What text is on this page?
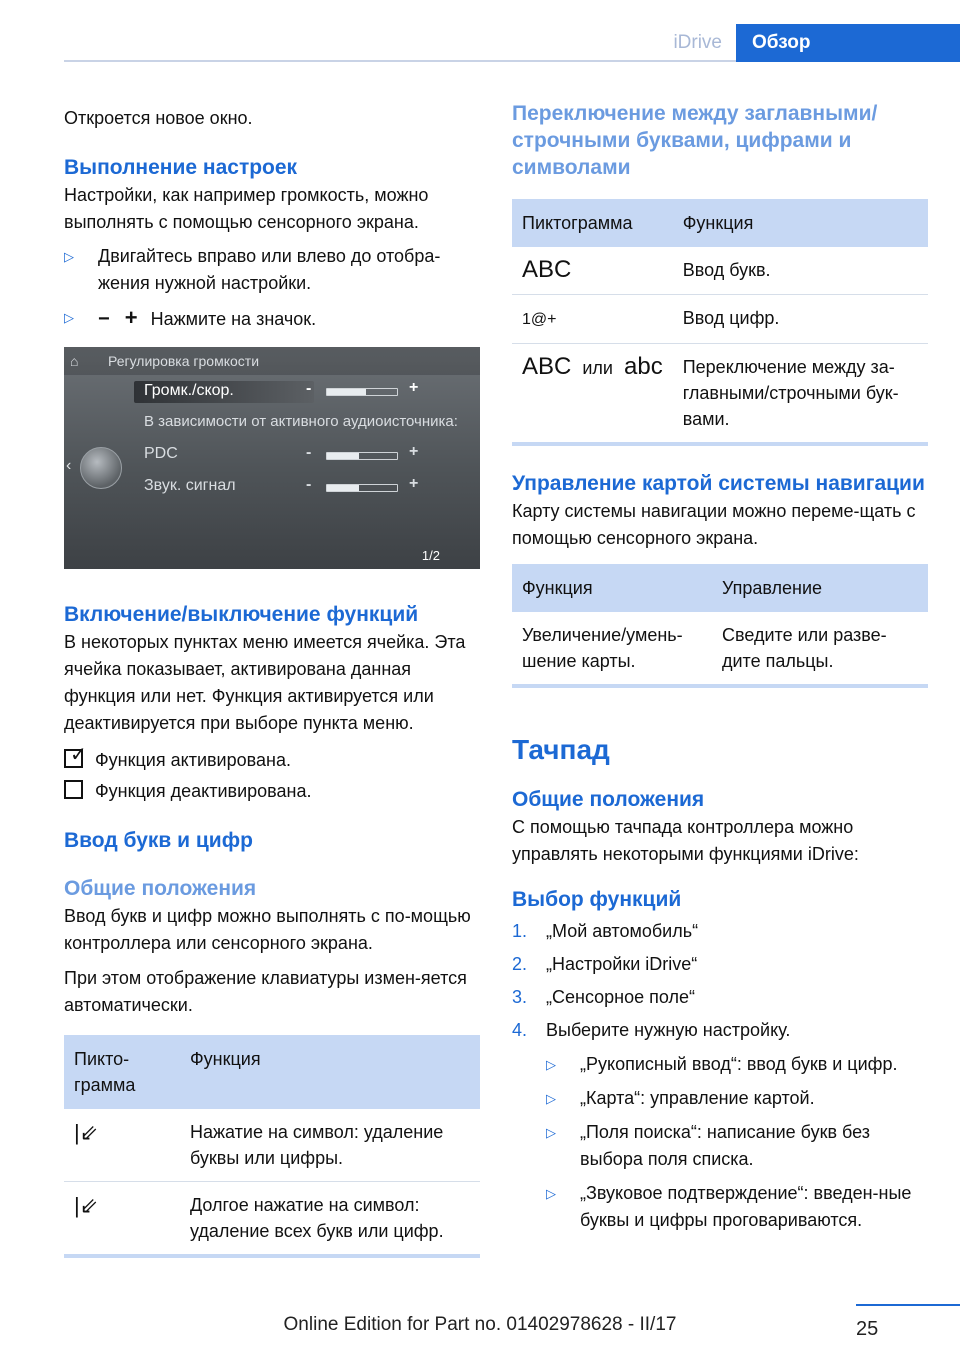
iDrive	Обзор

Откроется новое окно.

Выполнение настроек

Настройки, как например громкость, можно выполнять с помощью сенсорного экрана.

▷	Двигайтесь вправо или влево до отобра-жения нужной настройки.
▷	− + Нажмите на значок.
⌂ Регулировка громкости
‹
Громк./скор.	-	+
В зависимости от активного аудиоисточника:
PDC	-	+
Звук. сигнал	-	+
1/2
Включение/выключение функций

В некоторых пунктах меню имеется ячейка. Эта ячейка показывает, активирована данная функция или нет. Функция активируется или деактивируется при выборе пункта меню.

✓ Функция активирована.

Функция деактивирована.

Ввод букв и цифр
Общие положения

Ввод букв и цифр можно выполнять с по-мощью контроллера или сенсорного экрана.

При этом отображение клавиатуры измен-яется автоматически.

Пикто-грамма	Функция
|⇙	Нажатие на символ: удаление буквы или цифры.
|⇙	Долгое нажатие на символ: удаление всех букв или цифр.
Переключение между заглавными/строчными буквами, цифрами и символами
Пиктограмма	Функция
ABC	Ввод букв.
1@+	Ввод цифр.
ABC или abc	Переключение между за-главными/строчными бук-вами.
Управление картой системы навигации

Карту системы навигации можно переме-щать с помощью сенсорного экрана.

Функция	Управление
Увеличение/умень-шение карты.	Сведите или разве-дите пальцы.
Тачпад
Общие положения

С помощью тачпада контроллера можно управлять некоторыми функциями iDrive:

Выбор функций
1.	„Мой автомобиль“
2.	„Настройки iDrive“
3.	„Сенсорное поле“
4.	Выберите нужную настройку.
▷	„Рукописный ввод“: ввод букв и цифр.
▷	„Карта“: управление картой.
▷	„Поля поиска“: написание букв без выбора поля списка.
▷	„Звуковое подтверждение“: введен-ные буквы и цифры проговариваются.
25
Online Edition for Part no. 01402978628 - II/17
